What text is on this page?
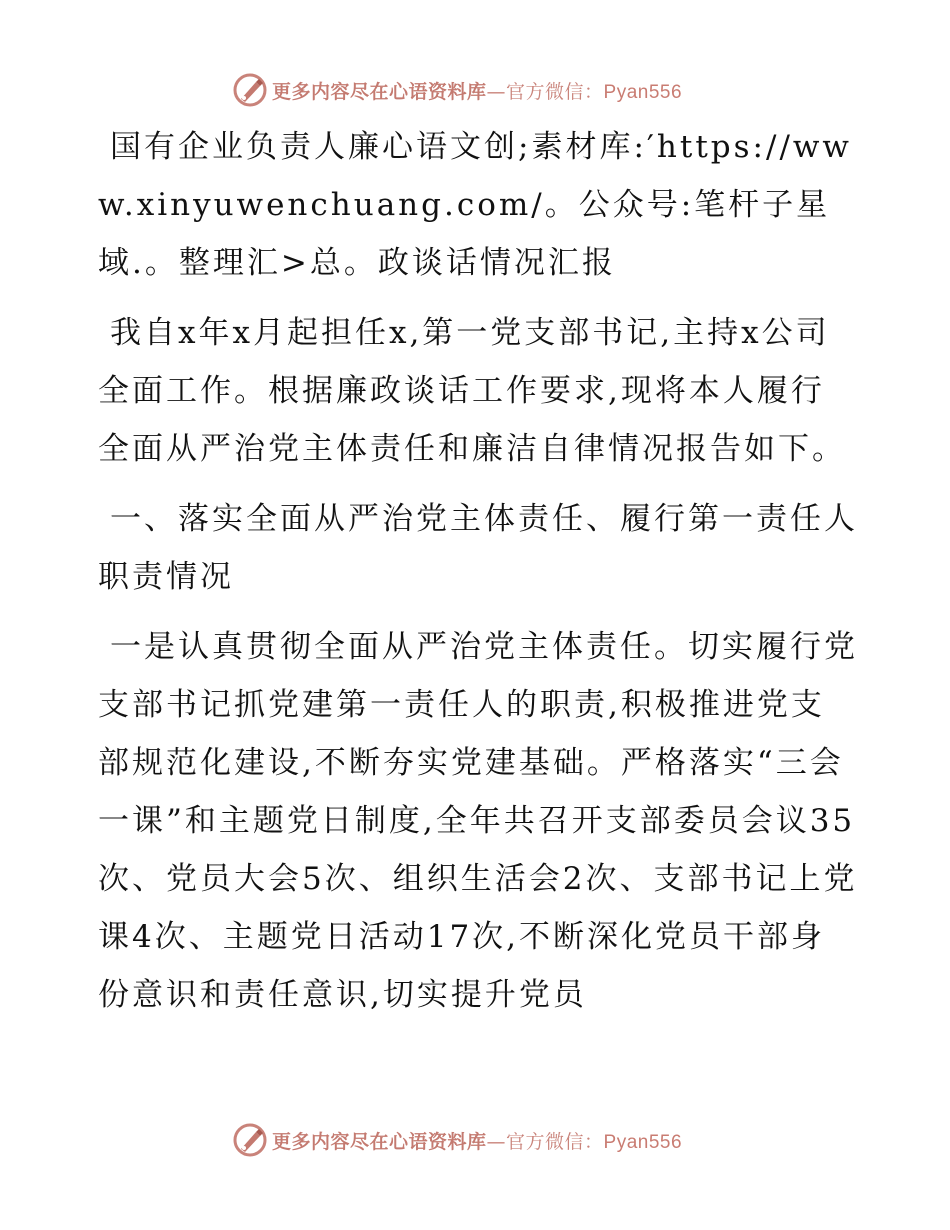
更多内容尽在心语资料库—官方微信：Pyan556

国有企业负责人廉心语文创;素材库:′https://www.xinyuwenchuang.com/。公众号:笔杆子星域.。整理汇>总。政谈话情况汇报

我自x年x月起担任x,第一党支部书记,主持x公司全面工作。根据廉政谈话工作要求,现将本人履行全面从严治党主体责任和廉洁自律情况报告如下。

一、落实全面从严治党主体责任、履行第一责任人职责情况

一是认真贯彻全面从严治党主体责任。切实履行党支部书记抓党建第一责任人的职责,积极推进党支部规范化建设,不断夯实党建基础。严格落实“三会一课”和主题党日制度,全年共召开支部委员会议35次、党员大会5次、组织生活会2次、支部书记上党课4次、主题党日活动17次,不断深化党员干部身份意识和责任意识,切实提升党员

更多内容尽在心语资料库—官方微信：Pyan556
